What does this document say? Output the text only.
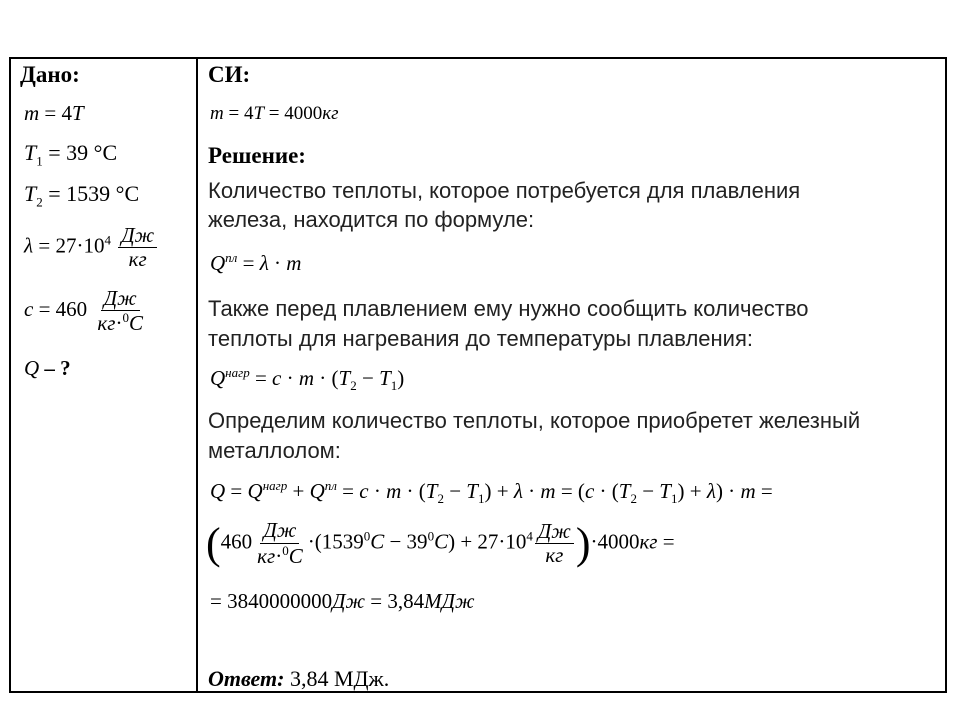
Дано:
m = 4T
$T_1 = 39$ °C
$T_2 = 1539$ °C
$\lambda = 27\cdot 10^4 \frac{Дж}{кг}$
$c = 460 \frac{Дж}{кг\cdot^0C}$
Q – ?
СИ:
m = 4T = 4000кг
Решение:
Количество теплоты, которое потребуется для плавления
железа, находится по формуле:
$Q^{пл} = \lambda \cdot m$
Также перед плавлением ему нужно сообщить количество
теплоты для нагревания до температуры плавления:
$Q^{нагр} = c \cdot m \cdot (T_2 - T_1)$
Определим количество теплоты, которое приобретет железный
металлолом:
$Q = Q^{нагр} + Q^{пл} = c \cdot m \cdot (T_2 - T_1) + \lambda \cdot m = (c \cdot (T_2 - T_1) + \lambda) \cdot m$ =
$(460 \frac{Дж}{кг\cdot^0C} \cdot(1539^0C - 39^0C) + 27\cdot 10^4 \frac{Дж}{кг} )\cdot 4000кг$ =
= 3840000000Дж = 3,84МДж
Ответ: 3,84 МДж.
